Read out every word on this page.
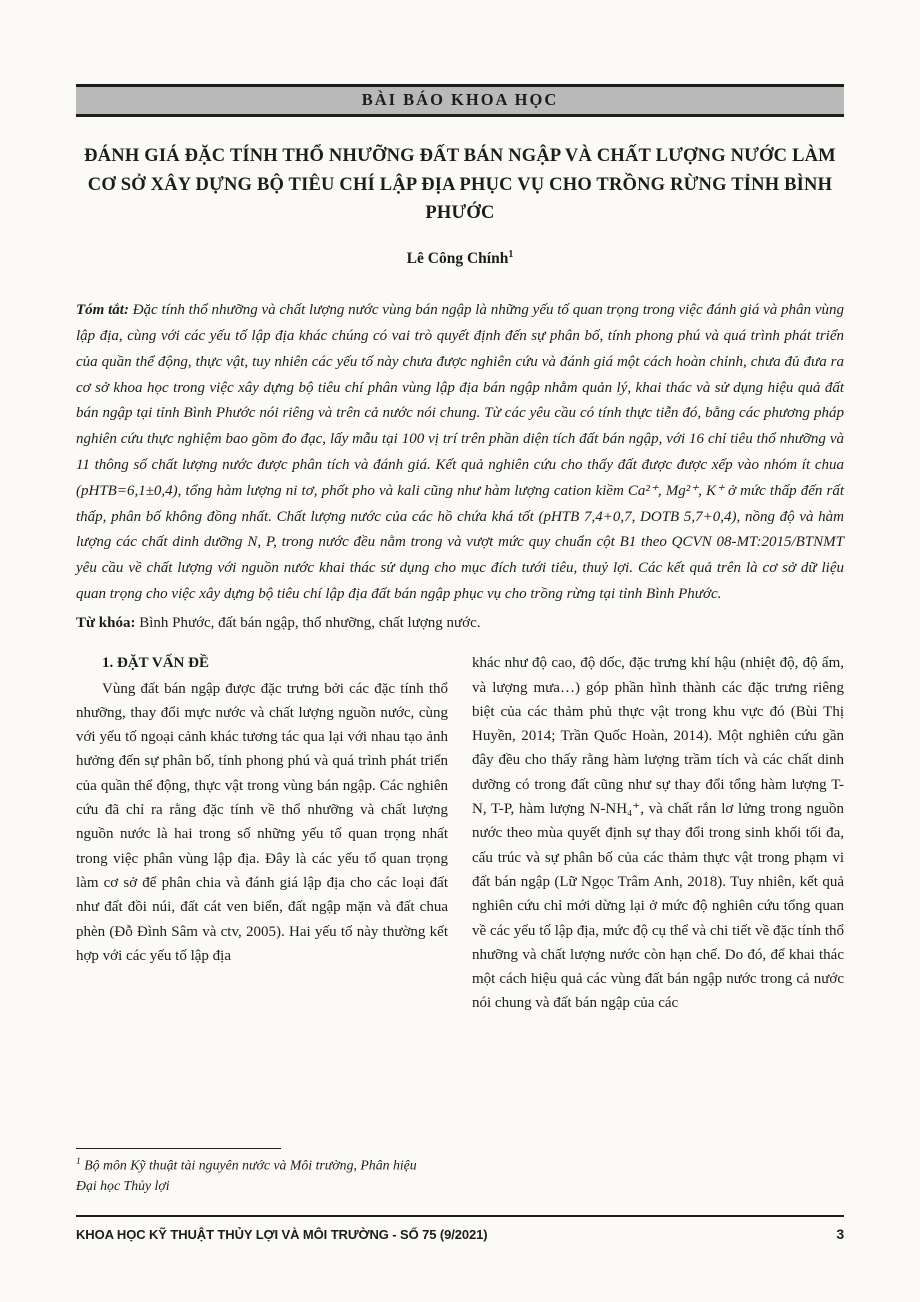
BÀI BÁO KHOA HỌC
ĐÁNH GIÁ ĐẶC TÍNH THỔ NHƯỠNG ĐẤT BÁN NGẬP VÀ CHẤT LƯỢNG NƯỚC LÀM CƠ SỞ XÂY DỰNG BỘ TIÊU CHÍ LẬP ĐỊA PHỤC VỤ CHO TRỒNG RỪNG TỈNH BÌNH PHƯỚC
Lê Công Chính$^1$

Tóm tắt: Đặc tính thổ nhưỡng và chất lượng nước vùng bán ngập là những yếu tố quan trọng trong việc đánh giá và phân vùng lập địa, cùng với các yếu tố lập địa khác chúng có vai trò quyết định đến sự phân bố, tính phong phú và quá trình phát triển của quần thể động, thực vật, tuy nhiên các yếu tố này chưa được nghiên cứu và đánh giá một cách hoàn chỉnh, chưa đủ đưa ra cơ sở khoa học trong việc xây dựng bộ tiêu chí phân vùng lập địa bán ngập nhằm quản lý, khai thác và sử dụng hiệu quả đất bán ngập tại tỉnh Bình Phước nói riêng và trên cả nước nói chung. Từ các yêu cầu có tính thực tiễn đó, bằng các phương pháp nghiên cứu thực nghiệm bao gồm đo đạc, lấy mẫu tại 100 vị trí trên phần diện tích đất bán ngập, với 16 chỉ tiêu thổ nhưỡng và 11 thông số chất lượng nước được phân tích và đánh giá. Kết quả nghiên cứu cho thấy đất được được xếp vào nhóm ít chua (pHTB=6,1±0,4), tổng hàm lượng ni tơ, phốt pho và kali cũng như hàm lượng cation kiềm Ca²⁺, Mg²⁺, K⁺ ở mức thấp đến rất thấp, phân bố không đồng nhất. Chất lượng nước của các hồ chứa khá tốt (pHTB 7,4+0,7, DOTB 5,7+0,4), nồng độ và hàm lượng các chất dinh dưỡng N, P, trong nước đều nằm trong và vượt mức quy chuẩn cột B1 theo QCVN 08-MT:2015/BTNMT yêu cầu về chất lượng với nguồn nước khai thác sử dụng cho mục đích tưới tiêu, thuỷ lợi. Các kết quả trên là cơ sở dữ liệu quan trọng cho việc xây dựng bộ tiêu chí lập địa đất bán ngập phục vụ cho trồng rừng tại tỉnh Bình Phước.

Từ khóa: Bình Phước, đất bán ngập, thổ nhưỡng, chất lượng nước.

1. ĐẶT VẤN ĐỀ

Vùng đất bán ngập được đặc trưng bởi các đặc tính thổ nhưỡng, thay đổi mực nước và chất lượng nguồn nước, cùng với yếu tố ngoại cảnh khác tương tác qua lại với nhau tạo ảnh hưởng đến sự phân bố, tính phong phú và quá trình phát triển của quần thể động, thực vật trong vùng bán ngập. Các nghiên cứu đã chỉ ra rằng đặc tính về thổ nhưỡng và chất lượng nguồn nước là hai trong số những yếu tố quan trọng nhất trong việc phân vùng lập địa. Đây là các yếu tố quan trọng làm cơ sở để phân chia và đánh giá lập địa cho các loại đất như đất đồi núi, đất cát ven biển, đất ngập mặn và đất chua phèn (Đỗ Đình Sâm và ctv, 2005). Hai yếu tố này thường kết hợp với các yếu tố lập địa

khác như độ cao, độ dốc, đặc trưng khí hậu (nhiệt độ, độ ẩm, và lượng mưa…) góp phần hình thành các đặc trưng riêng biệt của các thảm phủ thực vật trong khu vực đó (Bùi Thị Huyền, 2014; Trần Quốc Hoàn, 2014). Một nghiên cứu gần đây đều cho thấy rằng hàm lượng trầm tích và các chất dinh dưỡng có trong đất cũng như sự thay đổi tổng hàm lượng T-N, T-P, hàm lượng N-NH₄⁺, và chất rắn lơ lửng trong nguồn nước theo mùa quyết định sự thay đổi trong sinh khối tối đa, cấu trúc và sự phân bố của các thảm thực vật trong phạm vi đất bán ngập (Lữ Ngọc Trâm Anh, 2018). Tuy nhiên, kết quả nghiên cứu chỉ mới dừng lại ở mức độ nghiên cứu tổng quan về các yếu tố lập địa, mức độ cụ thể và chi tiết về đặc tính thổ nhưỡng và chất lượng nước còn hạn chế. Do đó, để khai thác một cách hiệu quả các vùng đất bán ngập nước trong cả nước nói chung và đất bán ngập của các

$^1$ Bộ môn Kỹ thuật tài nguyên nước và Môi trường, Phân hiệu Đại học Thủy lợi

KHOA HỌC KỸ THUẬT THỦY LỢI VÀ MÔI TRƯỜNG - SỐ 75 (9/2021)	3
